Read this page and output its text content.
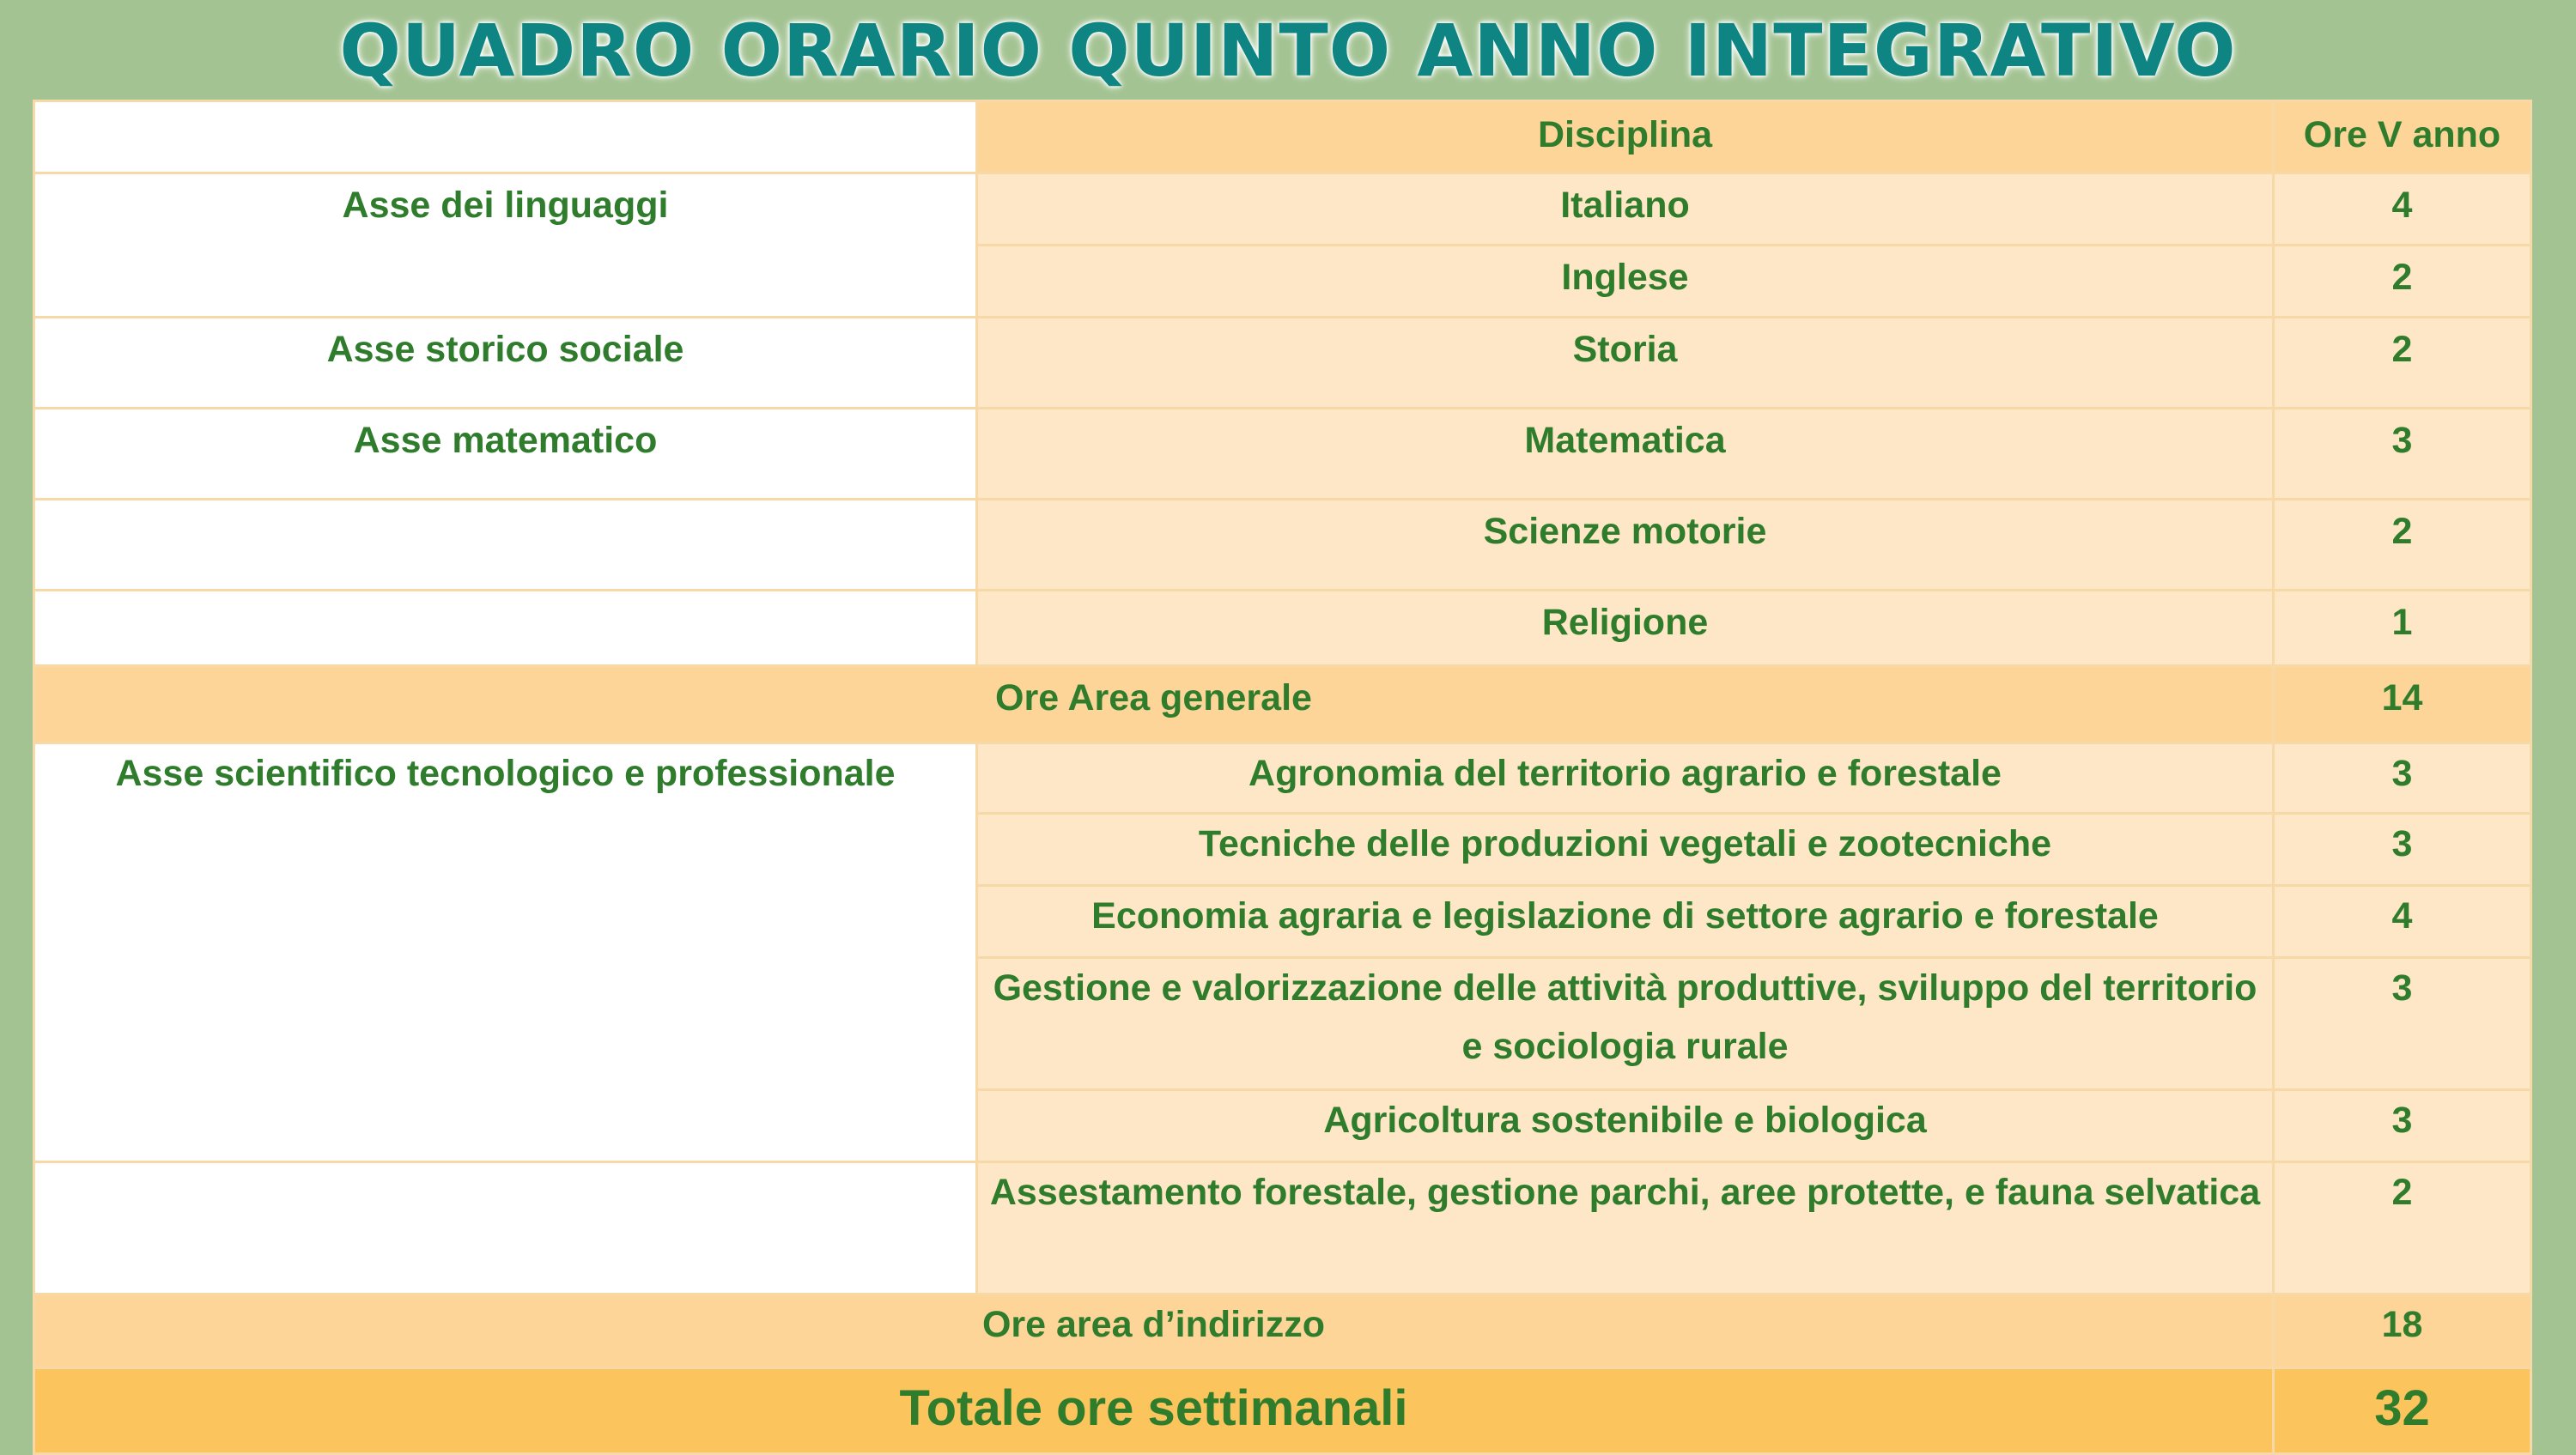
QUADRO ORARIO QUINTO ANNO INTEGRATIVO
	Disciplina	Ore V anno
Asse dei linguaggi	Italiano	4
	Inglese	2
Asse storico sociale	Storia	2
Asse matematico	Matematica	3
	Scienze motorie	2
	Religione	1
Ore Area generale		14
Asse scientifico tecnologico e professionale	Agronomia del territorio agrario e forestale	3
	Tecniche delle produzioni vegetali e zootecniche	3
	Economia agraria e legislazione di settore agrario e forestale	4
	Gestione e valorizzazione delle attività produttive, sviluppo del territorio e sociologia rurale	3
	Agricoltura sostenibile e biologica	3
	Assestamento forestale, gestione parchi, aree protette, e fauna selvatica	2
Ore area d’indirizzo		18
Totale ore settimanali		32
